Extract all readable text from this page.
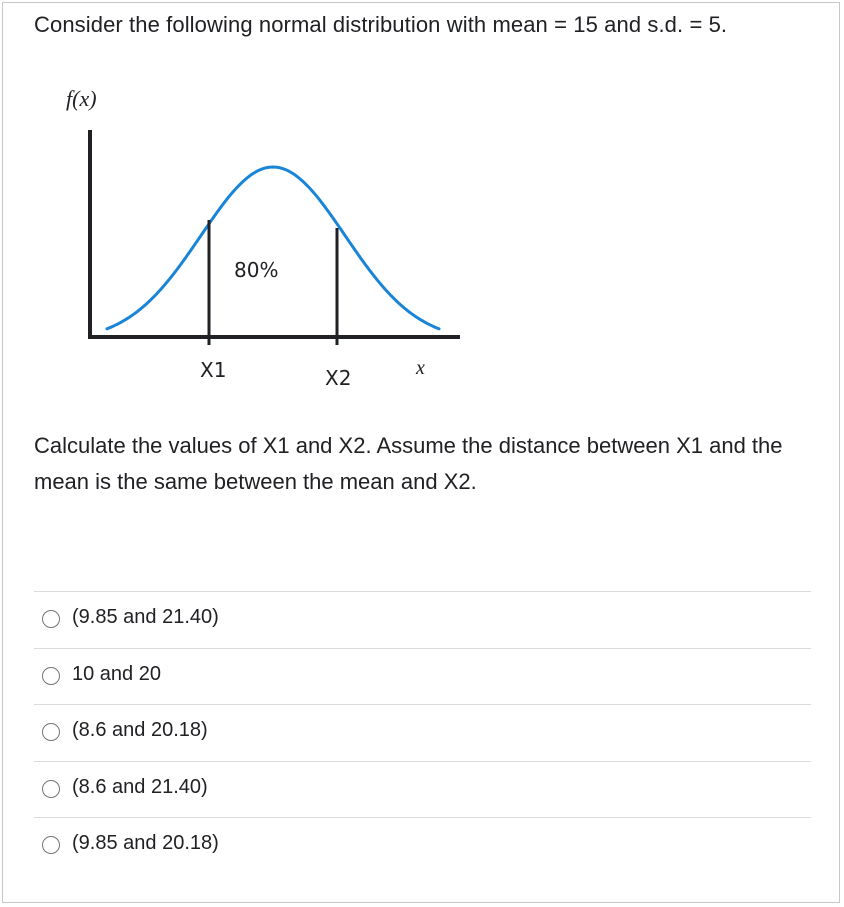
Consider the following normal distribution with mean = 15 and s.d. = 5.
f(x)
80%
X1	X2	x
Calculate the values of X1 and X2. Assume the distance between X1 and the mean is the same between the mean and X2.
(9.85 and 21.40)
10 and 20
(8.6 and 20.18)
(8.6 and 21.40)
(9.85 and 20.18)
